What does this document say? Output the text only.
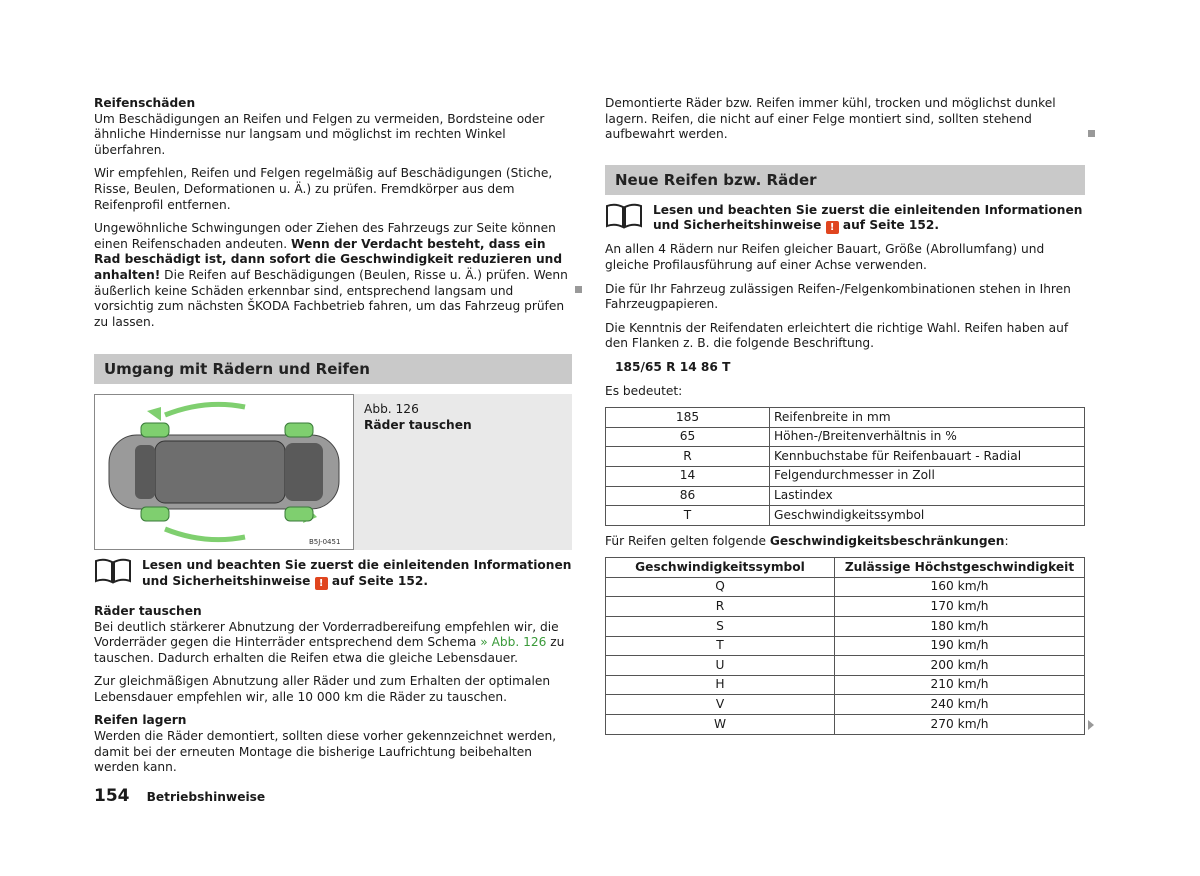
Reifenschäden

Um Beschädigungen an Reifen und Felgen zu vermeiden, Bordsteine oder ähnliche Hindernisse nur langsam und möglichst im rechten Winkel überfahren.

Wir empfehlen, Reifen und Felgen regelmäßig auf Beschädigungen (Stiche, Risse, Beulen, Deformationen u. Ä.) zu prüfen. Fremdkörper aus dem Reifenprofil entfernen.

Ungewöhnliche Schwingungen oder Ziehen des Fahrzeugs zur Seite können einen Reifenschaden andeuten. Wenn der Verdacht besteht, dass ein Rad beschädigt ist, dann sofort die Geschwindigkeit reduzieren und anhalten! Die Reifen auf Beschädigungen (Beulen, Risse u. Ä.) prüfen. Wenn äußerlich keine Schäden erkennbar sind, entsprechend langsam und vorsichtig zum nächsten ŠKODA Fachbetrieb fahren, um das Fahrzeug prüfen zu lassen.

Umgang mit Rädern und Reifen
B5J-0451
Abb. 126
Räder tauschen
Lesen und beachten Sie zuerst die einleitenden Informationen und Sicherheitshinweise ! auf Seite 152.
Räder tauschen

Bei deutlich stärkerer Abnutzung der Vorderradbereifung empfehlen wir, die Vorderräder gegen die Hinterräder entsprechend dem Schema » Abb. 126 zu tauschen. Dadurch erhalten die Reifen etwa die gleiche Lebensdauer.

Zur gleichmäßigen Abnutzung aller Räder und zum Erhalten der optimalen Lebensdauer empfehlen wir, alle 10 000 km die Räder zu tauschen.

Reifen lagern

Werden die Räder demontiert, sollten diese vorher gekennzeichnet werden, damit bei der erneuten Montage die bisherige Laufrichtung beibehalten werden kann.

Demontierte Räder bzw. Reifen immer kühl, trocken und möglichst dunkel lagern. Reifen, die nicht auf einer Felge montiert sind, sollten stehend aufbewahrt werden.

Neue Reifen bzw. Räder
Lesen und beachten Sie zuerst die einleitenden Informationen und Sicherheitshinweise ! auf Seite 152.

An allen 4 Rädern nur Reifen gleicher Bauart, Größe (Abrollumfang) und gleiche Profilausführung auf einer Achse verwenden.

Die für Ihr Fahrzeug zulässigen Reifen-/Felgenkombinationen stehen in Ihren Fahrzeugpapieren.

Die Kenntnis der Reifendaten erleichtert die richtige Wahl. Reifen haben auf den Flanken z. B. die folgende Beschriftung.

185/65 R 14 86 T

Es bedeutet:

185	Reifenbreite in mm
65	Höhen-/Breitenverhältnis in %
R	Kennbuchstabe für Reifenbauart - Radial
14	Felgendurchmesser in Zoll
86	Lastindex
T	Geschwindigkeitssymbol

Für Reifen gelten folgende Geschwindigkeitsbeschränkungen:

Geschwindigkeitssymbol	Zulässige Höchstgeschwindigkeit
Q	160 km/h
R	170 km/h
S	180 km/h
T	190 km/h
U	200 km/h
H	210 km/h
V	240 km/h
W	270 km/h
154 Betriebshinweise
